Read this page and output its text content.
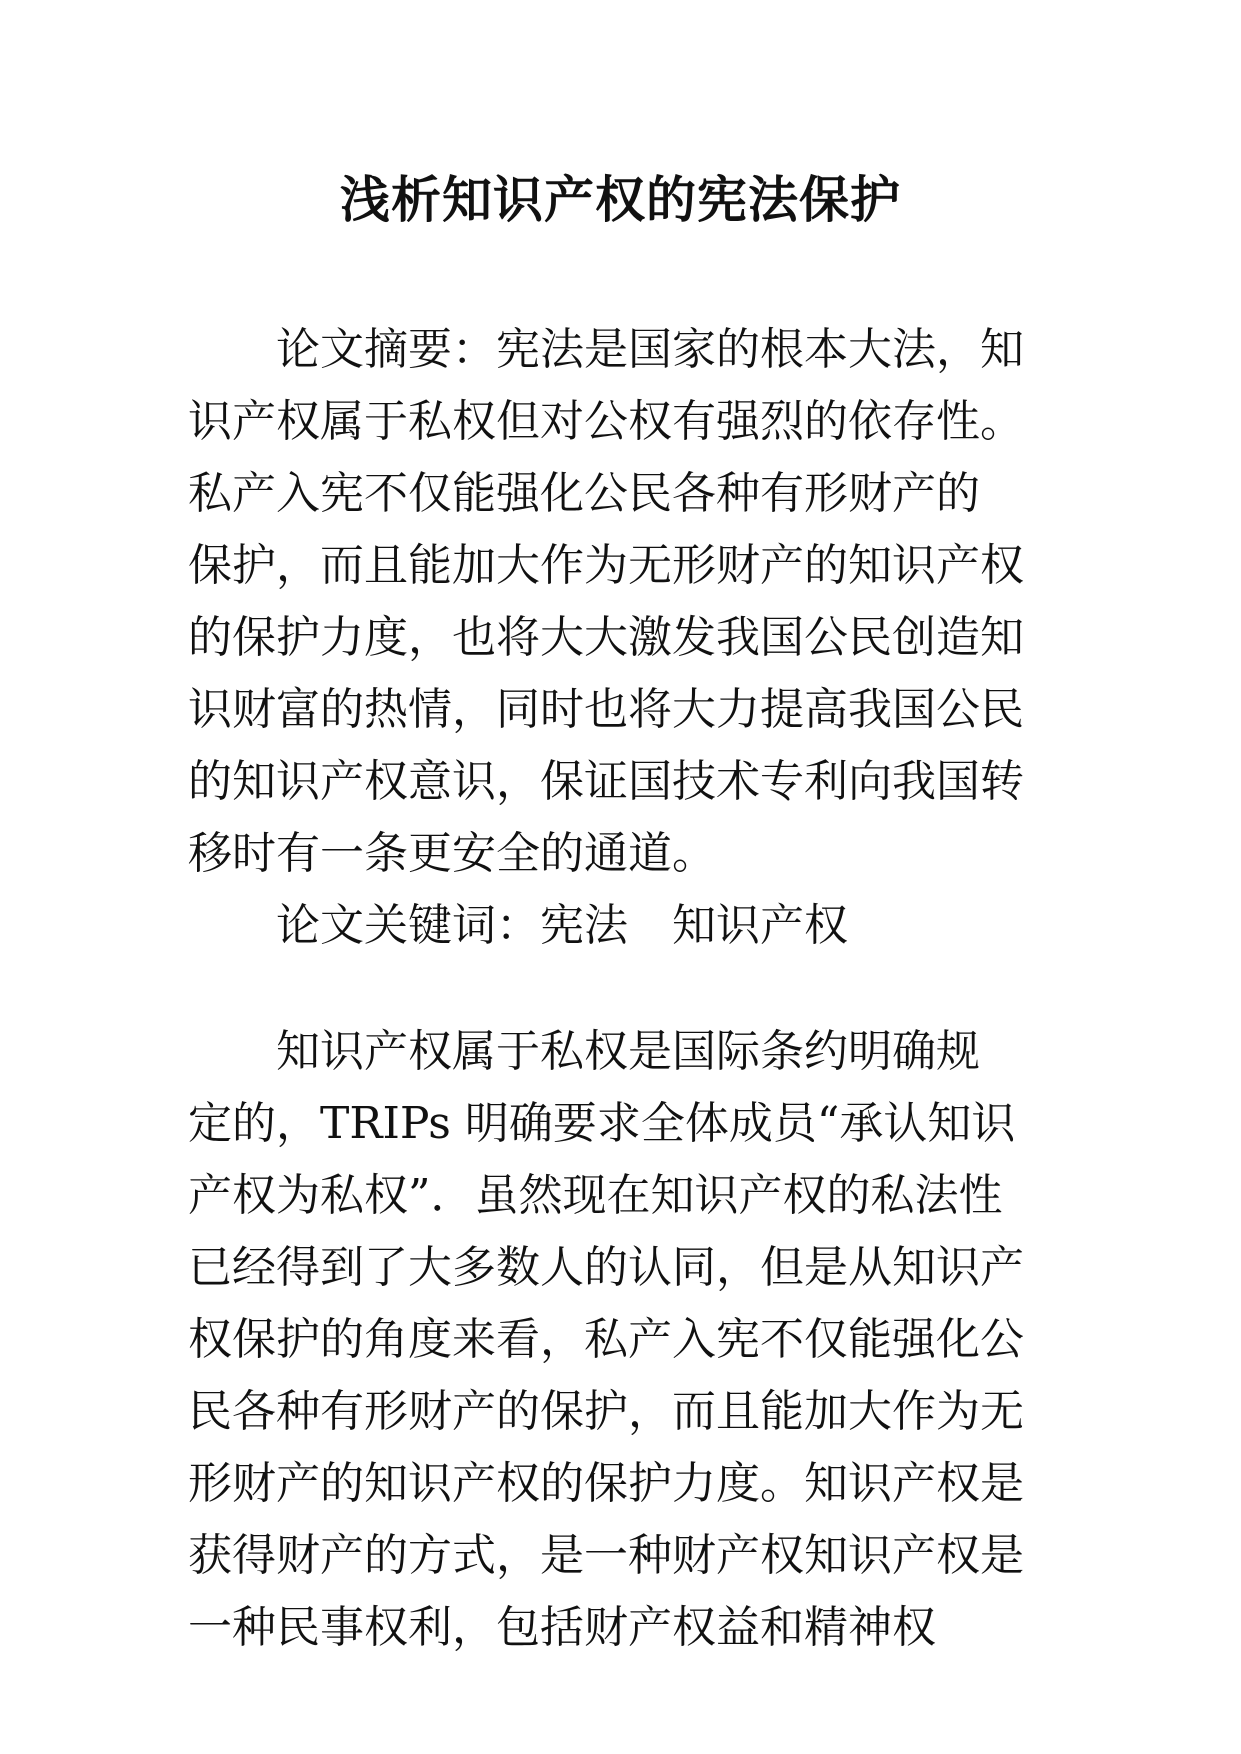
浅析知识产权的宪法保护
　　论文摘要：宪法是国家的根本大法，知
识产权属于私权但对公权有强烈的依存性。
私产入宪不仅能强化公民各种有形财产的
保护，而且能加大作为无形财产的知识产权
的保护力度，也将大大激发我国公民创造知
识财富的热情，同时也将大力提高我国公民
的知识产权意识，保证国技术专利向我国转
移时有一条更安全的通道。
　　论文关键词：宪法　知识产权
　　知识产权属于私权是国际条约明确规
定的，TRIPs 明确要求全体成员“承认知识
产权为私权”．虽然现在知识产权的私法性
已经得到了大多数人的认同，但是从知识产
权保护的角度来看，私产入宪不仅能强化公
民各种有形财产的保护，而且能加大作为无
形财产的知识产权的保护力度。知识产权是
获得财产的方式，是一种财产权知识产权是
一种民事权利，包括财产权益和精神权
